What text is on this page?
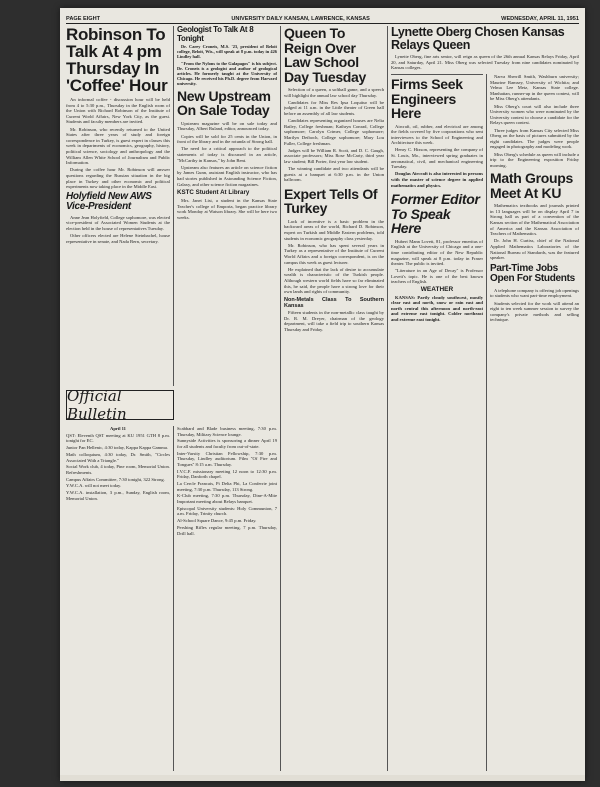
PAGE EIGHT	UNIVERSITY DAILY KANSAN, LAWRENCE, KANSAS	WEDNESDAY, APRIL 11, 1951
Robinson To Talk At 4 pm Thursday In 'Coffee' Hour

An informal coffee - discussion hour will be held from 4 to 5:30 p.m., Thursday in the English room of the Union with Richard Robinson of the Institute of Current World Affairs, New York City, as the guest. Students and faculty members are invited.

Mr. Robinson, who recently returned to the United States after three years of study and foreign correspondence in Turkey, is guest expert in classes this week in departments of economics, geography, history, political science, sociology and anthropology and the William Allen White School of Journalism and Public Information.

During the coffee hour Mr. Robinson will answer questions regarding the Russian situation in the big place in Turkey and other economic and political experiments now taking place in the Middle East.

Holyfield New AWS Vice-President

Anne Jean Holyfield, College sophomore, was elected vice-president of Associated Women Students at the election held in the house of representatives Tuesday.

Other officers elected are Helene Steinbachel, house representative in senate, and Nada Bern, secretary.

Geologist To Talk At 8 Tonight

Dr. Carey Croneis, M.S. '23, president of Beloit college, Beloit, Wis., will speak at 8 p.m. today in 426 Lindley hall.

"From the Nylons to the Galapagos" is his subject. Dr. Croneis is a geologist and author of geological articles. He formerly taught at the University of Chicago. He received his Ph.D. degree from Harvard university.

New Upstream On Sale Today

Upstream magazine will be on sale today and Thursday, Albert Ruland, editor, announced today.

Copies will be sold for 25 cents in the Union, in front of the library and in the rotunda of Strong hall.

The need for a critical approach to the political statements of today is discussed in an article, "McCarthy in Kansas," by John Bent.

Upstream also features an article on science fiction by James Gunn, assistant English instructor, who has had stories published in Astounding Science Fiction, Galaxy, and other science fiction magazines.

KSTC Student At Library

Mrs. Janet List, a student in the Kansas State Teacher's college of Emporia, began practice library work Monday at Watson library. She will be here two weeks.

Official Bulletin

April 11

QST: Eleventh QST meeting at KU 1951 GTH 8 p.m. tonight for EC.

Junior Pan Hellenic, 4:30 today, Kappa Kappa Gamma.

Math colloquium, 4:30 today, Dr. Smith, "Circles Associated With a Triangle."

Social Work club, 4 today, Pine room, Memorial Union. Refreshments.

Campus Affairs Committee, 7:30 tonight, 322 Strong.

Y.W.C.A. will not meet today.

Y.W.C.A. installation, 3 p.m., Sunday, English room, Memorial Union.

Scabbard and Blade business meeting, 7:30 p.m. Thursday, Military Science lounge.

Sunnyside Activities is sponsoring a dinner April 19 for all students and faculty from out-of-state.

Inter-Varsity Christian Fellowship, 7:30 p.m. Thursday, Lindley auditorium. Film "Of Fire and Tongues" 8:15 a.m. Thursday.

I.V.C.F. missionary meeting 12 noon to 12:30 p.m. Friday, Danforth chapel.

La Cercle Francais, Pi Delta Phi, La Conferrie joint meeting, 7:30 p.m. Thursday, 113 Strong.

K-Club meeting, 7:30 p.m. Thursday, Dine-A-Mite Important meeting about Relays banquet.

Episcopal University students: Holy Communion, 7 a.m. Friday, Trinity church.

Al-School Square Dance, 9:45 p.m. Friday.

Pershing Rifles regular meeting, 7 p.m. Thursday, Drill hall.

Queen To Reign Over Law School Day Tuesday

Selection of a queen, a softball game, and a speech will highlight the annual law school day Thursday.

Candidates for Miss Res Ipsa Loquitur will be judged at 11 a.m. in the Little theater of Green hall before an assembly of all law students.

Candidates representing organized houses are Nelia Bailey, College freshman; Kathryn Conrad, College sophomore; Carolyn Crimer, College sophomore; Marilyn Deiboch, College sophomore; Mary Lou Fuller, College freshman.

Judges will be William R. Scott, and D. C. Gaugh, associate professors; Miss Rose McCarty, third year law student; Bill Porter, first year law student.

The winning candidate and two attendants will be guests at a banquet at 6:30 p.m. in the Union ballroom.

Expert Tells Of Turkey

Lack of incentive is a basic problem in the backward areas of the world, Richard D. Robinson, expert on Turkish and Middle Eastern problems, told students in economic geography class yesterday.

Mr. Robinson, who has spent several years in Turkey as a representative of the Institute of Current World Affairs and a foreign correspondent, is on the campus this week as guest lecturer.

He explained that the lack of desire to accumulate wealth is characteristic of the Turkish people. Although western world fields have so far eliminated this, he said, the people have a strong love for their own lands and rights of community.

Non-Metals Class To Southern Kansas

Fifteen students in the non-metallic class taught by Dr. R. M. Dreyer, chairman of the geology department, will take a field trip to southern Kansas Thursday and Friday.

Lynette Oberg Chosen Kansas Relays Queen

Lynette Oberg, fine arts senior, will reign as queen of the 26th annual Kansas Relays Friday, April 20, and Saturday, April 21. Miss Oberg was selected Tuesday from nine candidates nominated by Kansas colleges.

Firms Seek Engineers Here

Aircraft, oil, rubber, and electrical are among the fields covered by five corporations who sent interviewers to the School of Engineering and Architecture this week.

Henry C. Hixson, representing the company of St. Louis, Mo., interviewed spring graduates in aeronautical, civil, and mechanical engineering Tuesday.

Douglas Aircraft is also interested in persons with the master of science degree in applied mathematics and physics.

Former Editor To Speak Here

Hubert Mann Lovett, 81, professor emeritus of English at the University of Chicago and a one-time contributing editor of the New Republic magazine, will speak at 8 p.m. today in Fraser theater. The public is invited.

"Literature in an Age of Decay" is Professor Lovett's topic. He is one of the best known teachers of English.

WEATHER

KANSAS: Partly cloudy southwest, mostly clear east and north, snow or rain east and north central this afternoon and north-east and extreme east tonight. Colder northeast and extreme east tonight.

Narva Sherrill Smith, Washburn university; Maurine Ramsey, University of Wichita; and Velma Lee Metz, Kansas State college. Manhattan, runner-up in the queen contest, will be Miss Oberg's attendants.

Miss Oberg's court will also include three University women who were nominated by the University contest to choose a candidate for the Relays queen contest.

Three judges from Kansas City selected Miss Oberg on the basis of pictures submitted by the eight candidates. The judges were people engaged in photography and modeling work.

Miss Oberg's schedule as queen will include a trip to the Engineering exposition Friday morning.

Math Groups Meet At KU

Mathematics textbooks and journals printed in 13 languages will be on display April 7 in Strong hall as part of a convention of the Kansas section of the Mathematical Association of America and the Kansas Association of Teachers of Mathematics.

Dr. John H. Curtiss, chief of the National Applied Mathematics Laboratories of the National Bureau of Standards, was the featured speaker.

Part-Time Jobs Open For Students

A telephone company is offering job openings to students who want part-time employment.

Students selected for the work will attend an eight to ten week summer session to survey the company's private methods and selling technique.
